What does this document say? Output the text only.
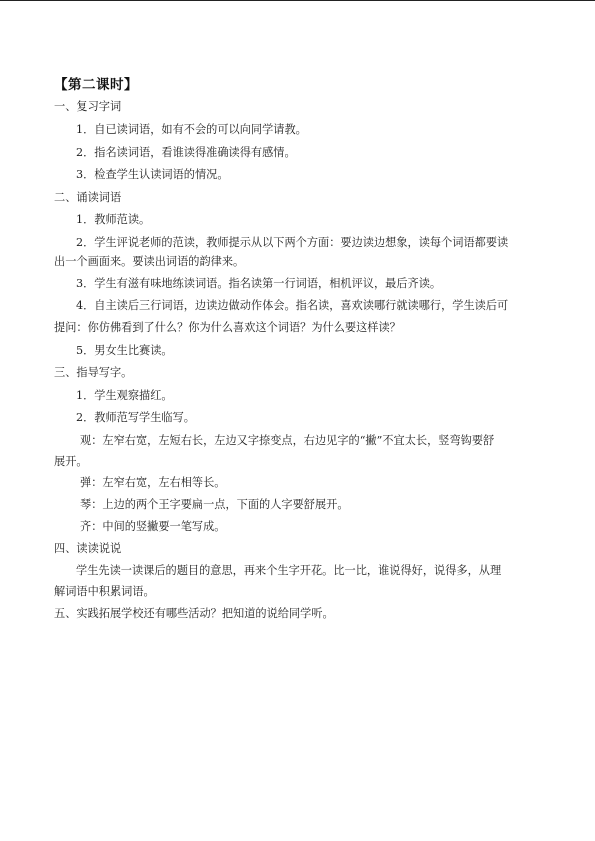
【第二课时】
一、复习字词
1．自已读词语，如有不会的可以向同学请教。
2．指名读词语，看谁读得准确读得有感情。
3．检查学生认读词语的情况。
二、诵读词语
1．教师范读。
2．学生评说老师的范读，教师提示从以下两个方面：要边读边想象，读每个词语都要读
出一个画面来。要读出词语的韵律来。
3．学生有滋有味地练读词语。指名读第一行词语，相机评议，最后齐读。
4．自主读后三行词语，边读边做动作体会。指名读，喜欢读哪行就读哪行，学生读后可
提问：你仿佛看到了什么？你为什么喜欢这个词语？为什么要这样读？
5．男女生比赛读。
三、指导写字。
1．学生观察描红。
2．教师范写学生临写。
观：左窄右宽，左短右长，左边又字捺变点，右边见字的“撇”不宜太长，竖弯钩要舒
展开。
弹：左窄右宽，左右相等长。
琴：上边的两个王字要扁一点，下面的人字要舒展开。
齐：中间的竖撇要一笔写成。
四、读读说说
学生先读一读课后的题目的意思，再来个生字开花。比一比，谁说得好，说得多，从理
解词语中积累词语。
五、实践拓展学校还有哪些活动？把知道的说给同学听。
